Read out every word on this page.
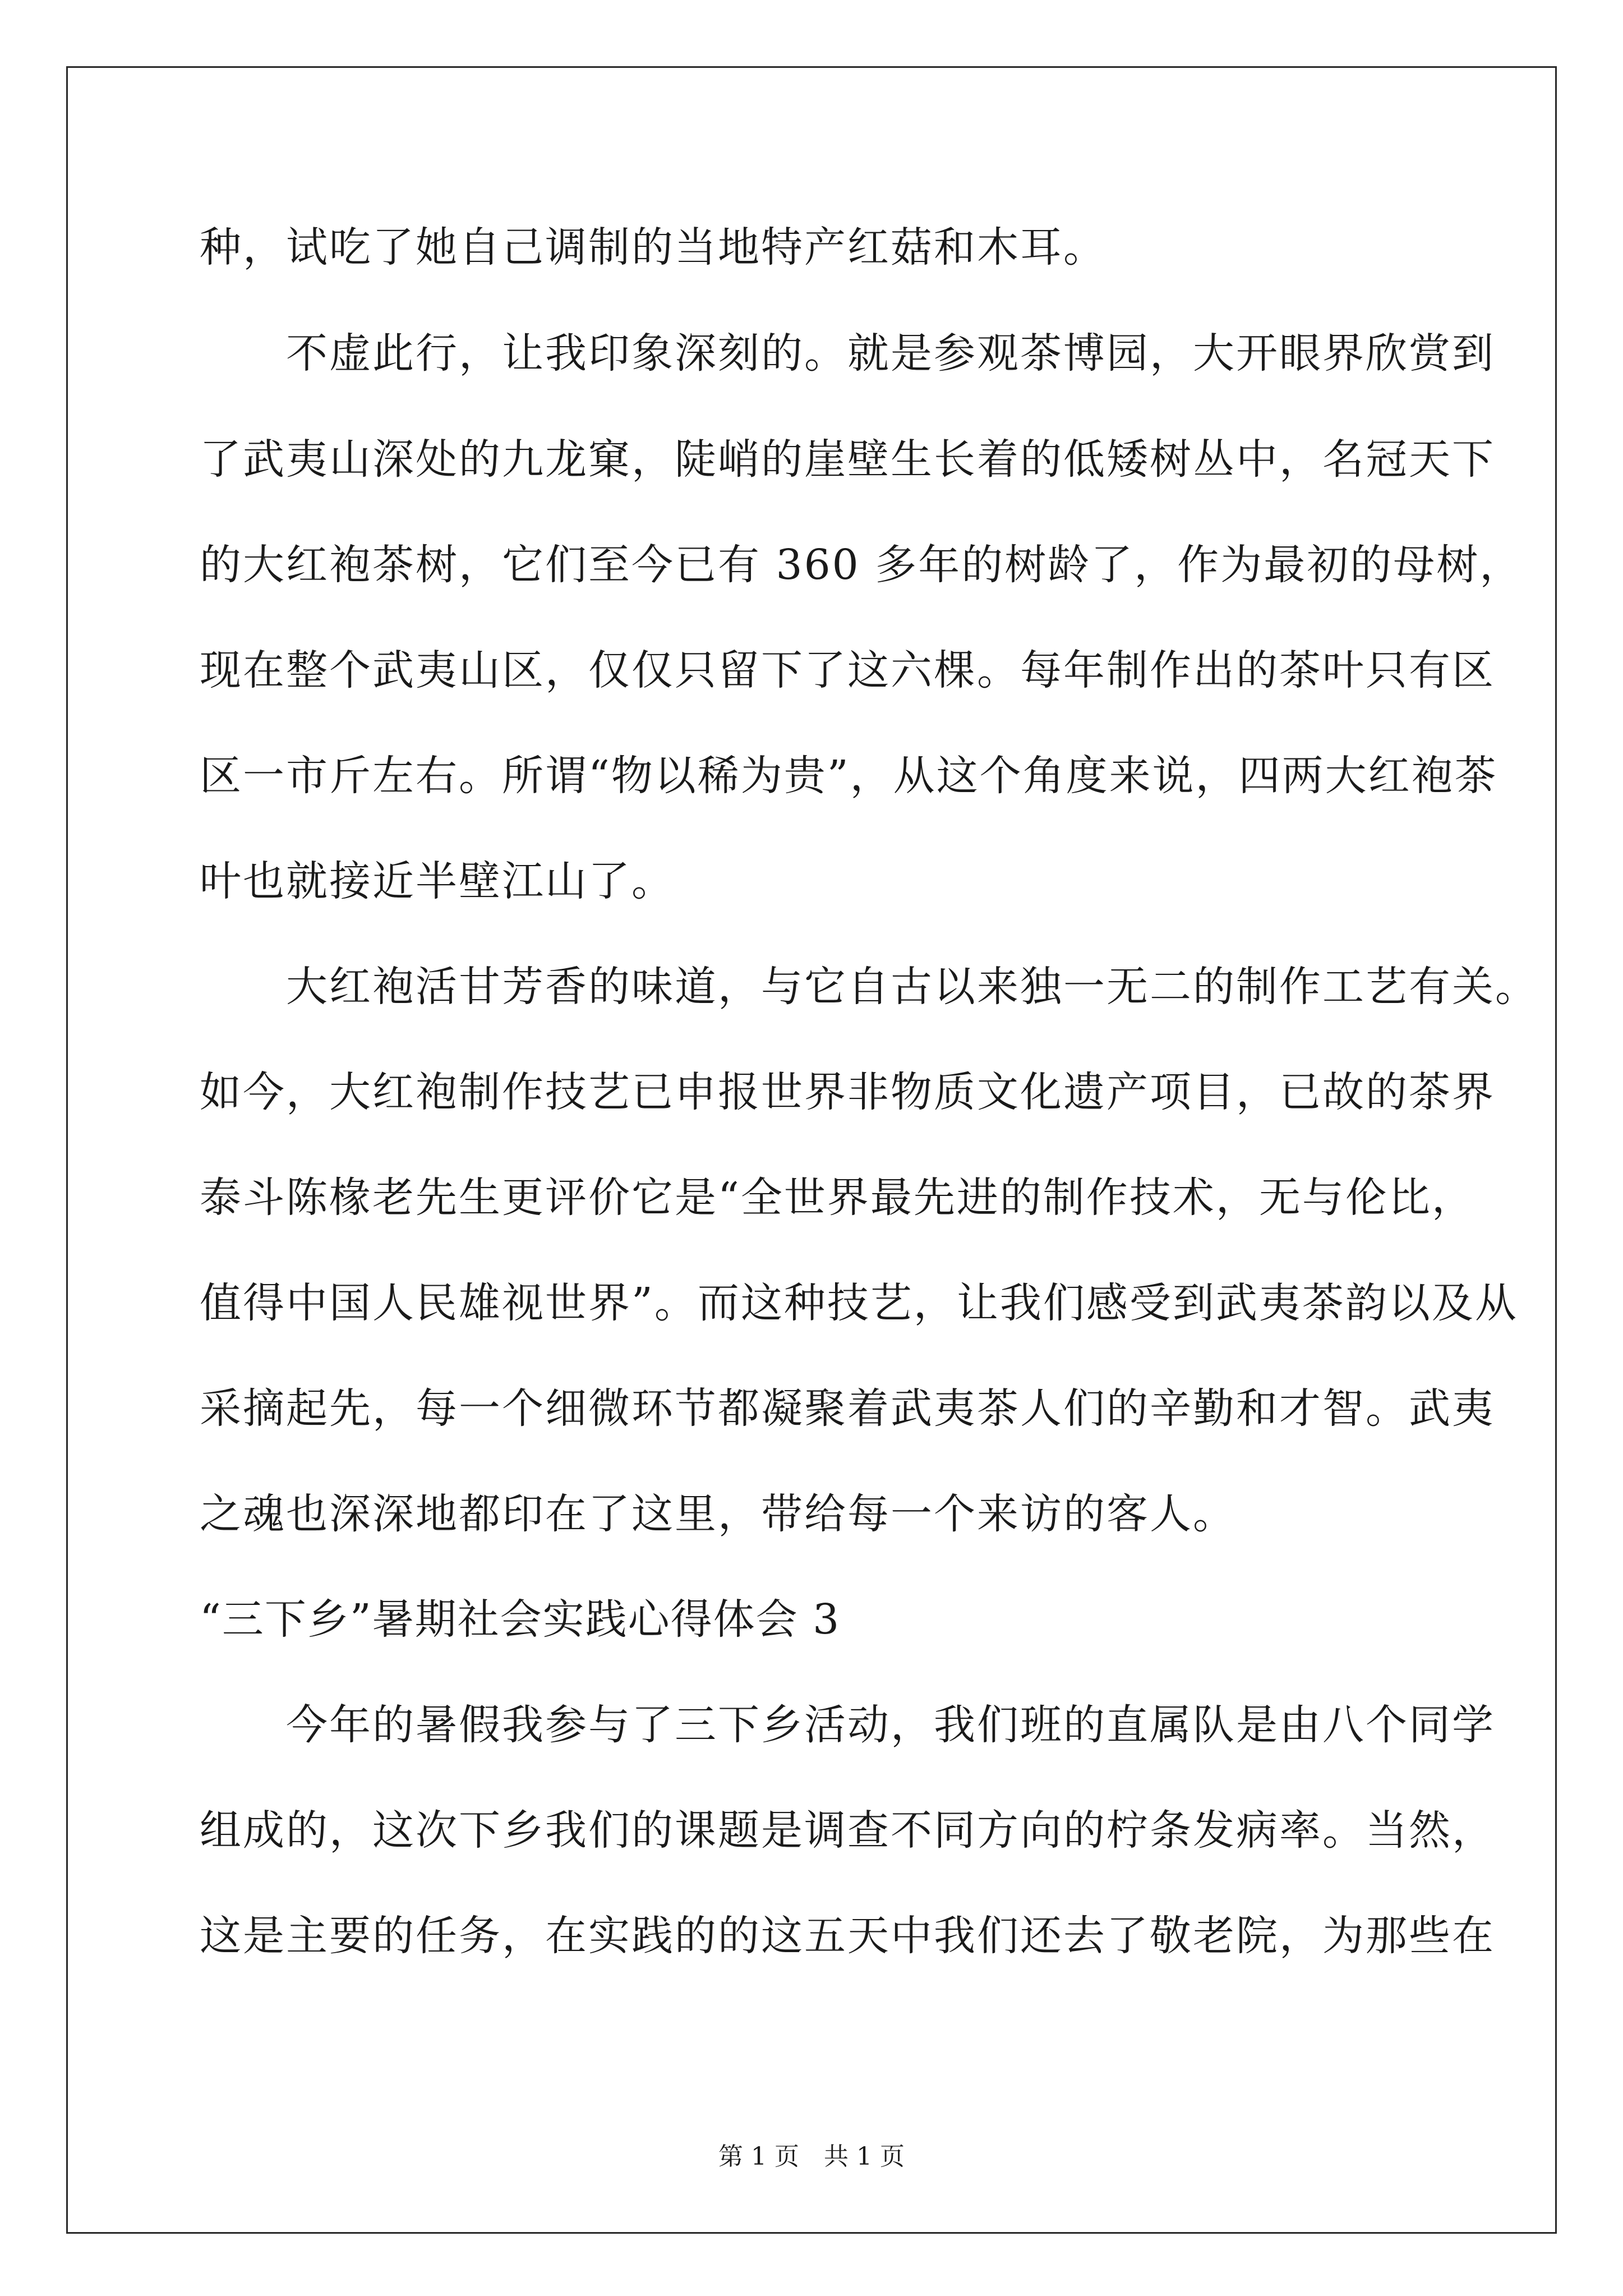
种，试吃了她自己调制的当地特产红菇和木耳。

　　不虚此行，让我印象深刻的。就是参观茶博园，大开眼界欣赏到

了武夷山深处的九龙窠，陡峭的崖壁生长着的低矮树丛中，名冠天下

的大红袍茶树，它们至今已有 360 多年的树龄了，作为最初的母树，

现在整个武夷山区，仅仅只留下了这六棵。每年制作出的茶叶只有区

区一市斤左右。所谓“物以稀为贵”，从这个角度来说，四两大红袍茶

叶也就接近半壁江山了。

　　大红袍活甘芳香的味道，与它自古以来独一无二的制作工艺有关。

如今，大红袍制作技艺已申报世界非物质文化遗产项目，已故的茶界

泰斗陈椽老先生更评价它是“全世界最先进的制作技术，无与伦比，

值得中国人民雄视世界”。而这种技艺，让我们感受到武夷茶韵以及从

采摘起先，每一个细微环节都凝聚着武夷茶人们的辛勤和才智。武夷

之魂也深深地都印在了这里，带给每一个来访的客人。

“三下乡”暑期社会实践心得体会 3

　　今年的暑假我参与了三下乡活动，我们班的直属队是由八个同学

组成的，这次下乡我们的课题是调查不同方向的柠条发病率。当然，

这是主要的任务，在实践的的这五天中我们还去了敬老院，为那些在

第 1 页　共 1 页
